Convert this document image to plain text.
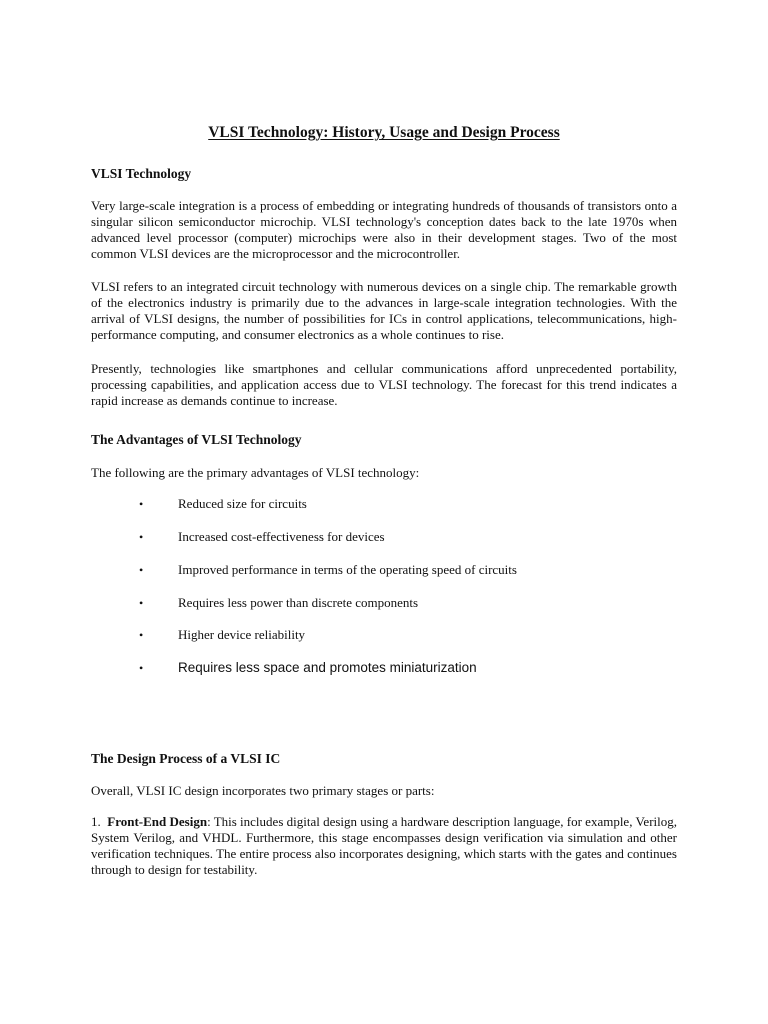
VLSI Technology: History, Usage and Design Process
VLSI Technology

Very large-scale integration is a process of embedding or integrating hundreds of thousands of transistors onto a singular silicon semiconductor microchip. VLSI technology's conception dates back to the late 1970s when advanced level processor (computer) microchips were also in their development stages. Two of the most common VLSI devices are the microprocessor and the microcontroller.

VLSI refers to an integrated circuit technology with numerous devices on a single chip. The remarkable growth of the electronics industry is primarily due to the advances in large-scale integration technologies. With the arrival of VLSI designs, the number of possibilities for ICs in control applications, telecommunications, high-performance computing, and consumer electronics as a whole continues to rise.

Presently, technologies like smartphones and cellular communications afford unprecedented portability, processing capabilities, and application access due to VLSI technology. The forecast for this trend indicates a rapid increase as demands continue to increase.

The Advantages of VLSI Technology

The following are the primary advantages of VLSI technology:

•	Reduced size for circuits
•	Increased cost-effectiveness for devices
•	Improved performance in terms of the operating speed of circuits
•	Requires less power than discrete components
•	Higher device reliability
•	Requires less space and promotes miniaturization
The Design Process of a VLSI IC

Overall, VLSI IC design incorporates two primary stages or parts:

1. Front-End Design: This includes digital design using a hardware description language, for example, Verilog, System Verilog, and VHDL. Furthermore, this stage encompasses design verification via simulation and other verification techniques. The entire process also incorporates designing, which starts with the gates and continues through to design for testability.
